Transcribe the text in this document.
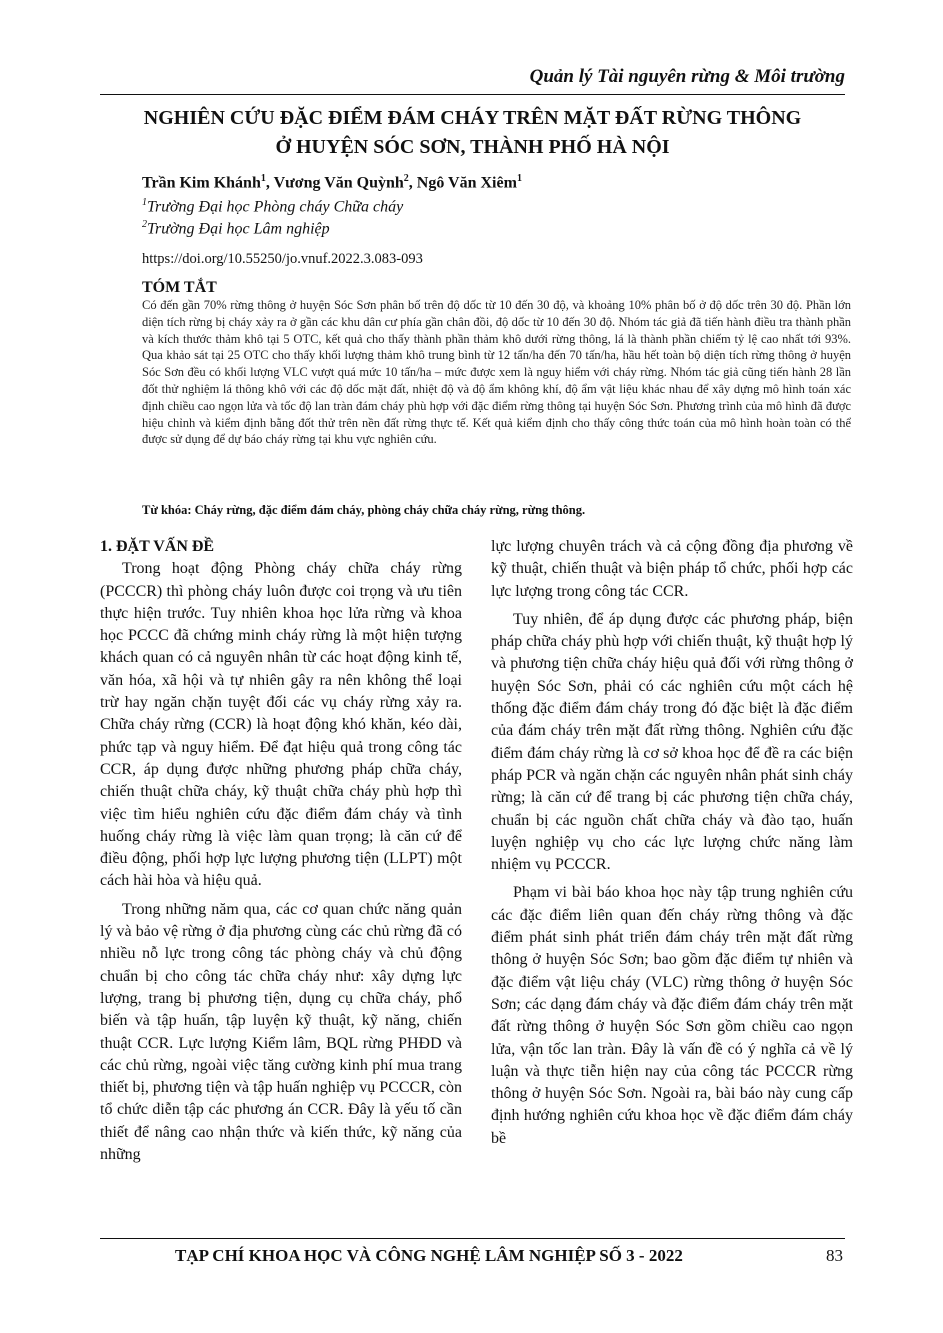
Quản lý Tài nguyên rừng & Môi trường
NGHIÊN CỨU ĐẶC ĐIỂM ĐÁM CHÁY TRÊN MẶT ĐẤT RỪNG THÔNG
Ở HUYỆN SÓC SƠN, THÀNH PHỐ HÀ NỘI
Trần Kim Khánh$^1$, Vương Văn Quỳnh$^2$, Ngô Văn Xiêm$^1$
$^1$Trường Đại học Phòng cháy Chữa cháy
$^2$Trường Đại học Lâm nghiệp
https://doi.org/10.55250/jo.vnuf.2022.3.083-093
TÓM TẮT
Có đến gần 70% rừng thông ở huyện Sóc Sơn phân bố trên độ dốc từ 10 đến 30 độ, và khoảng 10% phân bố ở độ dốc trên 30 độ. Phần lớn diện tích rừng bị cháy xảy ra ở gần các khu dân cư phía gần chân đồi, độ dốc từ 10 đến 30 độ. Nhóm tác giả đã tiến hành điều tra thành phần và kích thước thảm khô tại 5 OTC, kết quả cho thấy thành phần thảm khô dưới rừng thông, lá là thành phần chiếm tỷ lệ cao nhất tới 93%. Qua khảo sát tại 25 OTC cho thấy khối lượng thảm khô trung bình từ 12 tấn/ha đến 70 tấn/ha, hầu hết toàn bộ diện tích rừng thông ở huyện Sóc Sơn đều có khối lượng VLC vượt quá mức 10 tấn/ha – mức được xem là nguy hiểm với cháy rừng. Nhóm tác giả cũng tiến hành 28 lần đốt thử nghiệm lá thông khô với các độ dốc mặt đất, nhiệt độ và độ ẩm không khí, độ ẩm vật liệu khác nhau để xây dựng mô hình toán xác định chiều cao ngọn lửa và tốc độ lan tràn đám cháy phù hợp với đặc điểm rừng thông tại huyện Sóc Sơn. Phương trình của mô hình đã được hiệu chỉnh và kiểm định bằng đốt thử trên nền đất rừng thực tế. Kết quả kiểm định cho thấy công thức toán của mô hình hoàn toàn có thể được sử dụng để dự báo cháy rừng tại khu vực nghiên cứu.
Từ khóa: Cháy rừng, đặc điểm đám cháy, phòng cháy chữa cháy rừng, rừng thông.
1. ĐẶT VẤN ĐỀ

Trong hoạt động Phòng cháy chữa cháy rừng (PCCCR) thì phòng cháy luôn được coi trọng và ưu tiên thực hiện trước. Tuy nhiên khoa học lửa rừng và khoa học PCCC đã chứng minh cháy rừng là một hiện tượng khách quan có cả nguyên nhân từ các hoạt động kinh tế, văn hóa, xã hội và tự nhiên gây ra nên không thể loại trừ hay ngăn chặn tuyệt đối các vụ cháy rừng xảy ra. Chữa cháy rừng (CCR) là hoạt động khó khăn, kéo dài, phức tạp và nguy hiểm. Để đạt hiệu quả trong công tác CCR, áp dụng được những phương pháp chữa cháy, chiến thuật chữa cháy, kỹ thuật chữa cháy phù hợp thì việc tìm hiểu nghiên cứu đặc điểm đám cháy và tình huống cháy rừng là việc làm quan trọng; là căn cứ để điều động, phối hợp lực lượng phương tiện (LLPT) một cách hài hòa và hiệu quả.

Trong những năm qua, các cơ quan chức năng quản lý và bảo vệ rừng ở địa phương cùng các chủ rừng đã có nhiều nỗ lực trong công tác phòng cháy và chủ động chuẩn bị cho công tác chữa cháy như: xây dựng lực lượng, trang bị phương tiện, dụng cụ chữa cháy, phổ biến và tập huấn, tập luyện kỹ thuật, kỹ năng, chiến thuật CCR. Lực lượng Kiểm lâm, BQL rừng PHĐD và các chủ rừng, ngoài việc tăng cường kinh phí mua trang thiết bị, phương tiện và tập huấn nghiệp vụ PCCCR, còn tổ chức diễn tập các phương án CCR. Đây là yếu tố cần thiết để nâng cao nhận thức và kiến thức, kỹ năng của những

lực lượng chuyên trách và cả cộng đồng địa phương về kỹ thuật, chiến thuật và biện pháp tổ chức, phối hợp các lực lượng trong công tác CCR.

Tuy nhiên, để áp dụng được các phương pháp, biện pháp chữa cháy phù hợp với chiến thuật, kỹ thuật hợp lý và phương tiện chữa cháy hiệu quả đối với rừng thông ở huyện Sóc Sơn, phải có các nghiên cứu một cách hệ thống đặc điểm đám cháy trong đó đặc biệt là đặc điểm của đám cháy trên mặt đất rừng thông. Nghiên cứu đặc điểm đám cháy rừng là cơ sở khoa học để đề ra các biện pháp PCR và ngăn chặn các nguyên nhân phát sinh cháy rừng; là căn cứ để trang bị các phương tiện chữa cháy, chuẩn bị các nguồn chất chữa cháy và đào tạo, huấn luyện nghiệp vụ cho các lực lượng chức năng làm nhiệm vụ PCCCR.

Phạm vi bài báo khoa học này tập trung nghiên cứu các đặc điểm liên quan đến cháy rừng thông và đặc điểm phát sinh phát triển đám cháy trên mặt đất rừng thông ở huyện Sóc Sơn; bao gồm đặc điểm tự nhiên và đặc điểm vật liệu cháy (VLC) rừng thông ở huyện Sóc Sơn; các dạng đám cháy và đặc điểm đám cháy trên mặt đất rừng thông ở huyện Sóc Sơn gồm chiều cao ngọn lửa, vận tốc lan tràn. Đây là vấn đề có ý nghĩa cả về lý luận và thực tiễn hiện nay của công tác PCCCR rừng thông ở huyện Sóc Sơn. Ngoài ra, bài báo này cung cấp định hướng nghiên cứu khoa học về đặc điểm đám cháy bề

TẠP CHÍ KHOA HỌC VÀ CÔNG NGHỆ LÂM NGHIỆP SỐ 3 - 2022	83
